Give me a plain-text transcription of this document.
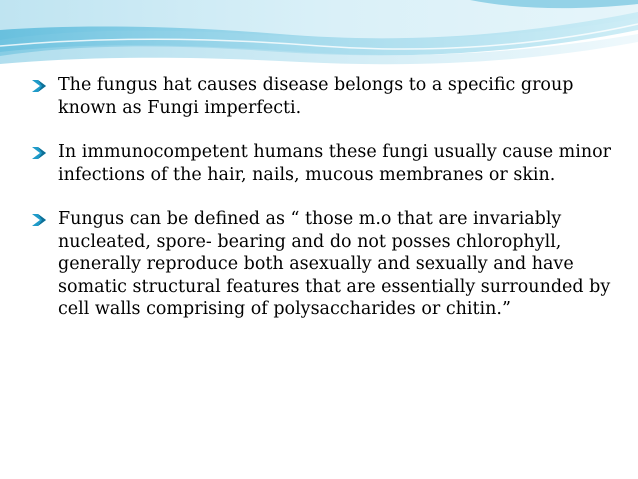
The fungus hat causes disease belongs to a specific group known as Fungi imperfecti.
In immunocompetent humans these fungi usually cause minor infections of the hair, nails, mucous membranes or skin.
Fungus can be defined as “ those m.o that are invariably nucleated, spore- bearing and do not posses chlorophyll, generally reproduce both asexually and sexually and have somatic structural features that are essentially surrounded by cell walls comprising of polysaccharides or chitin.”
